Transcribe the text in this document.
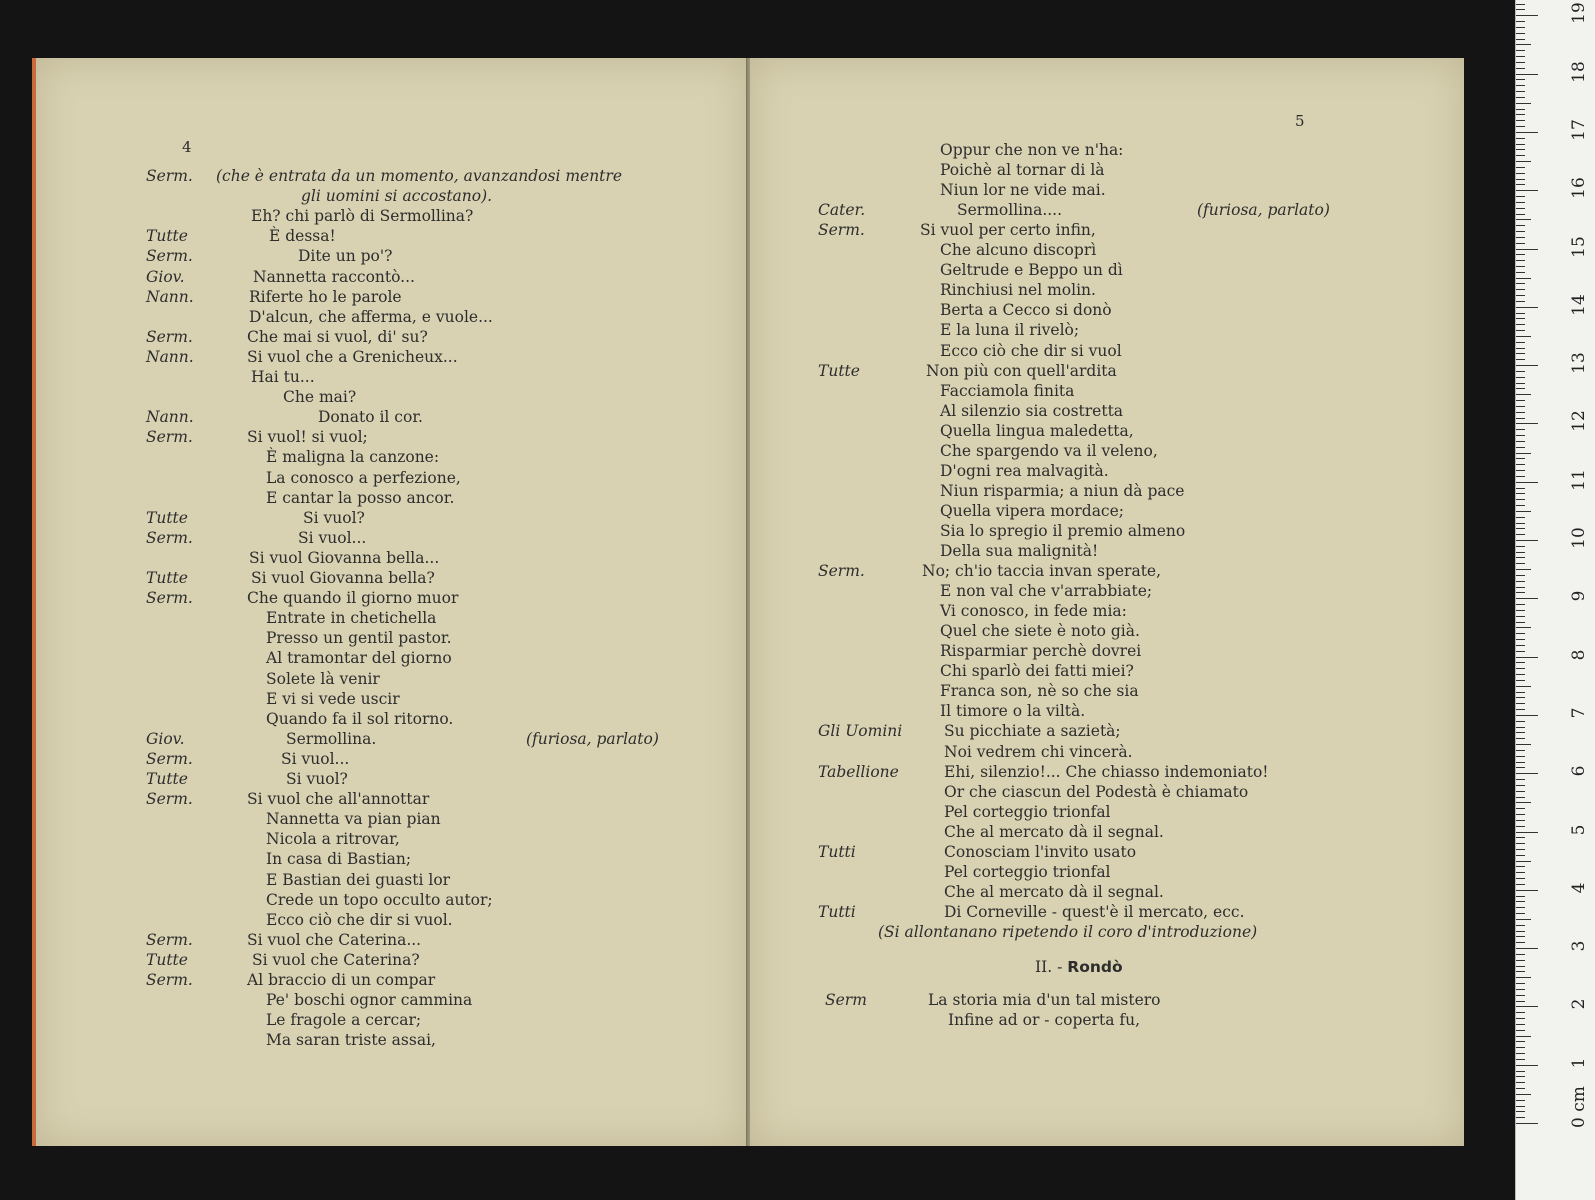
4
Serm. (che è entrata da un momento, avanzandosi mentre
gli uomini si accostano).
Eh? chi parlò di Sermollina?
Tutte	È dessa!
Serm.	Dite un po'?
Giov.	Nannetta raccontò...
Nann.	Riferte ho le parole
D'alcun, che afferma, e vuole...
Serm.	Che mai si vuol, di' su?
Nann.	Si vuol che a Grenicheux...
Hai tu...
Che mai?
Nann.	Donato il cor.
Serm.	Si vuol! si vuol;
È maligna la canzone:
La conosco a perfezione,
E cantar la posso ancor.
Tutte	Si vuol?
Serm.	Si vuol...
Si vuol Giovanna bella...
Tutte	Si vuol Giovanna bella?
Serm.	Che quando il giorno muor
Entrate in chetichella
Presso un gentil pastor.
Al tramontar del giorno
Solete là venir
E vi si vede uscir
Quando fa il sol ritorno.
Giov.	Sermollina.	(furiosa, parlato)
Serm.	Si vuol...
Tutte	Si vuol?
Serm.	Si vuol che all'annottar
Nannetta va pian pian
Nicola a ritrovar,
In casa di Bastian;
E Bastian dei guasti lor
Crede un topo occulto autor;
Ecco ciò che dir si vuol.
Serm.	Si vuol che Caterina...
Tutte	Si vuol che Caterina?
Serm.	Al braccio di un compar
Pe' boschi ognor cammina
Le fragole a cercar;
Ma saran triste assai,
5
Oppur che non ve n'ha:
Poichè al tornar di là
Niun lor ne vide mai.
Cater.	Sermollina....	(furiosa, parlato)
Serm.	Si vuol per certo infin,
Che alcuno discoprì
Geltrude e Beppo un dì
Rinchiusi nel molin.
Berta a Cecco si donò
E la luna il rivelò;
Ecco ciò che dir si vuol
Tutte	Non più con quell'ardita
Facciamola finita
Al silenzio sia costretta
Quella lingua maledetta,
Che spargendo va il veleno,
D'ogni rea malvagità.
Niun risparmia; a niun dà pace
Quella vipera mordace;
Sia lo spregio il premio almeno
Della sua malignità!
Serm.	No; ch'io taccia invan sperate,
E non val che v'arrabbiate;
Vi conosco, in fede mia:
Quel che siete è noto già.
Risparmiar perchè dovrei
Chi sparlò dei fatti miei?
Franca son, nè so che sia
Il timore o la viltà.
Gli Uomini	Su picchiate a sazietà;
Noi vedrem chi vincerà.
Tabellione	Ehi, silenzio!... Che chiasso indemoniato!
Or che ciascun del Podestà è chiamato
Pel corteggio trionfal
Che al mercato dà il segnal.
Tutti	Conosciam l'invito usato
Pel corteggio trionfal
Che al mercato dà il segnal.
Tutti	Di Corneville - quest'è il mercato, ecc.
(Si allontanano ripetendo il coro d'introduzione)
II. - Rondò
Serm	La storia mia d'un tal mistero
Infine ad or - coperta fu,
0 cm
1
2
3
4
5
6
7
8
9
10
11
12
13
14
15
16
17
18
19
